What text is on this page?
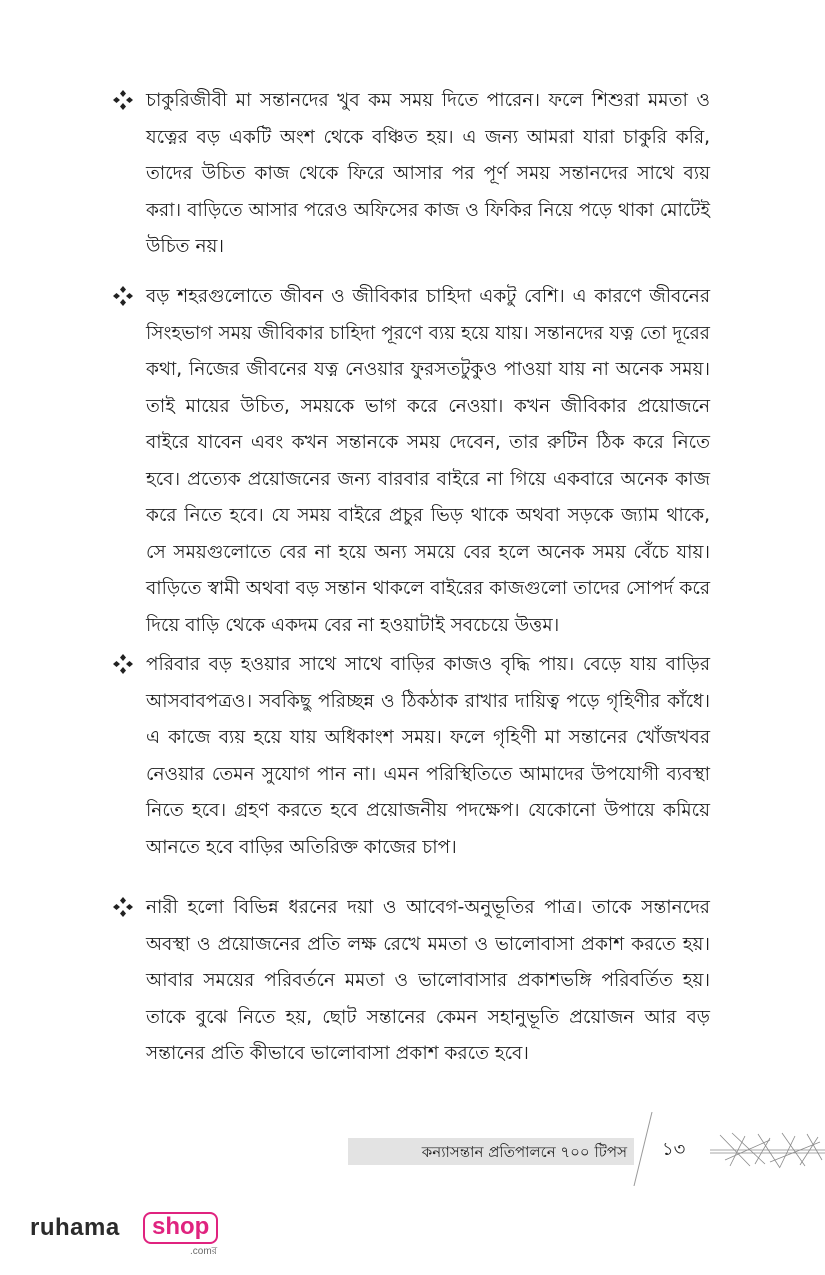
চাকুরিজীবী মা সন্তানদের খুব কম সময় দিতে পারেন। ফলে শিশুরা মমতা ও যত্নের বড় একটি অংশ থেকে বঞ্চিত হয়। এ জন্য আমরা যারা চাকুরি করি, তাদের উচিত কাজ থেকে ফিরে আসার পর পূর্ণ সময় সন্তানদের সাথে ব্যয় করা। বাড়িতে আসার পরেও অফিসের কাজ ও ফিকির নিয়ে পড়ে থাকা মোটেই উচিত নয়।
বড় শহরগুলোতে জীবন ও জীবিকার চাহিদা একটু বেশি। এ কারণে জীবনের সিংহভাগ সময় জীবিকার চাহিদা পূরণে ব্যয় হয়ে যায়। সন্তানদের যত্ন তো দূরের কথা, নিজের জীবনের যত্ন নেওয়ার ফুরসতটুকুও পাওয়া যায় না অনেক সময়। তাই মায়ের উচিত, সময়কে ভাগ করে নেওয়া। কখন জীবিকার প্রয়োজনে বাইরে যাবেন এবং কখন সন্তানকে সময় দেবেন, তার রুটিন ঠিক করে নিতে হবে। প্রত্যেক প্রয়োজনের জন্য বারবার বাইরে না গিয়ে একবারে অনেক কাজ করে নিতে হবে। যে সময় বাইরে প্রচুর ভিড় থাকে অথবা সড়কে জ্যাম থাকে, সে সময়গুলোতে বের না হয়ে অন্য সময়ে বের হলে অনেক সময় বেঁচে যায়। বাড়িতে স্বামী অথবা বড় সন্তান থাকলে বাইরের কাজগুলো তাদের সোপর্দ করে দিয়ে বাড়ি থেকে একদম বের না হওয়াটাই সবচেয়ে উত্তম।
পরিবার বড় হওয়ার সাথে সাথে বাড়ির কাজও বৃদ্ধি পায়। বেড়ে যায় বাড়ির আসবাবপত্রও। সবকিছু পরিচ্ছন্ন ও ঠিকঠাক রাখার দায়িত্ব পড়ে গৃহিণীর কাঁধে। এ কাজে ব্যয় হয়ে যায় অধিকাংশ সময়। ফলে গৃহিণী মা সন্তানের খোঁজখবর নেওয়ার তেমন সুযোগ পান না। এমন পরিস্থিতিতে আমাদের উপযোগী ব্যবস্থা নিতে হবে। গ্রহণ করতে হবে প্রয়োজনীয় পদক্ষেপ। যেকোনো উপায়ে কমিয়ে আনতে হবে বাড়ির অতিরিক্ত কাজের চাপ।
নারী হলো বিভিন্ন ধরনের দয়া ও আবেগ-অনুভূতির পাত্র। তাকে সন্তানদের অবস্থা ও প্রয়োজনের প্রতি লক্ষ রেখে মমতা ও ভালোবাসা প্রকাশ করতে হয়। আবার সময়ের পরিবর্তনে মমতা ও ভালোবাসার প্রকাশভঙ্গি পরিবর্তিত হয়। তাকে বুঝে নিতে হয়, ছোট সন্তানের কেমন সহানুভূতি প্রয়োজন আর বড় সন্তানের প্রতি কীভাবে ভালোবাসা প্রকাশ করতে হবে।
কন্যাসন্তান প্রতিপালনে ৭০০ টিপস ১৩
ruhama	shop
.comর
